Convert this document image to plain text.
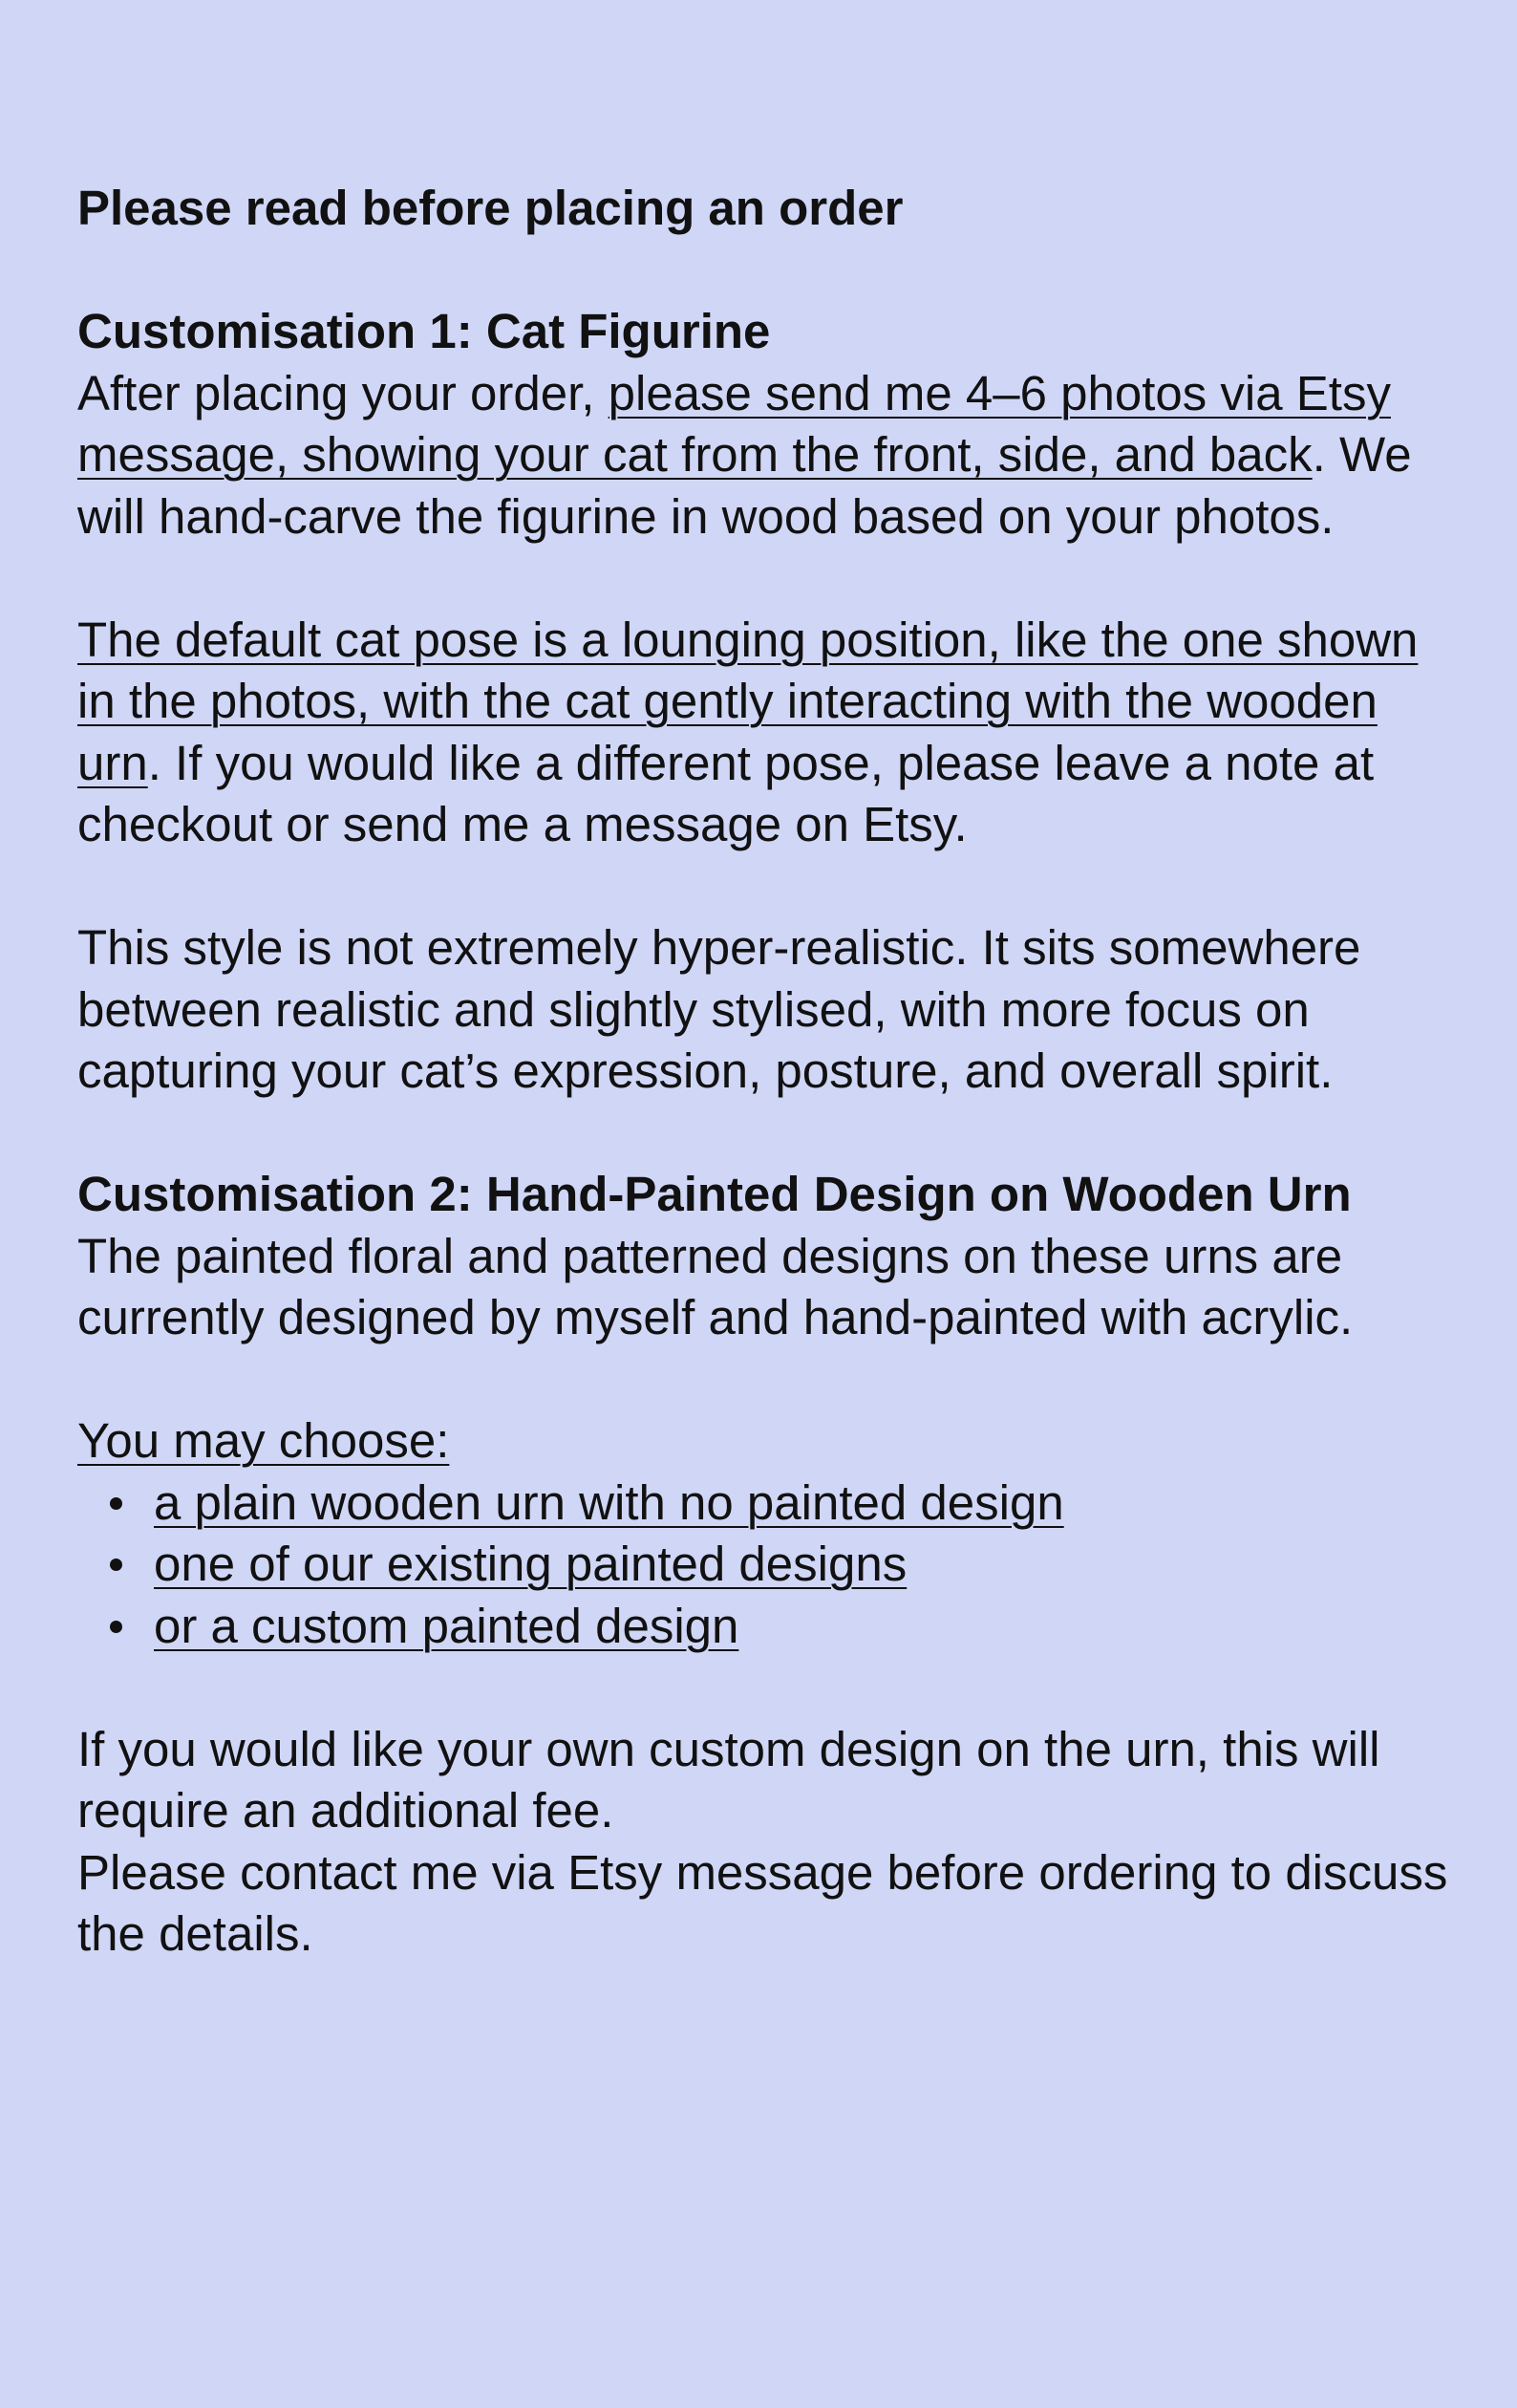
Please read before placing an order

Customisation 1: Cat Figurine

After placing your order, please send me 4–6 photos via Etsy message, showing your cat from the front, side, and back. We will hand-carve the figurine in wood based on your photos.

The default cat pose is a lounging position, like the one shown in the photos, with the cat gently interacting with the wooden urn. If you would like a different pose, please leave a note at checkout or send me a message on Etsy.

This style is not extremely hyper-realistic. It sits somewhere between realistic and slightly stylised, with more focus on capturing your cat’s expression, posture, and overall spirit.

Customisation 2: Hand-Painted Design on Wooden Urn

The painted floral and patterned designs on these urns are currently designed by myself and hand-painted with acrylic.

You may choose:

a plain wooden urn with no painted design
one of our existing painted designs
or a custom painted design

If you would like your own custom design on the urn, this will require an additional fee.

Please contact me via Etsy message before ordering to discuss the details.
